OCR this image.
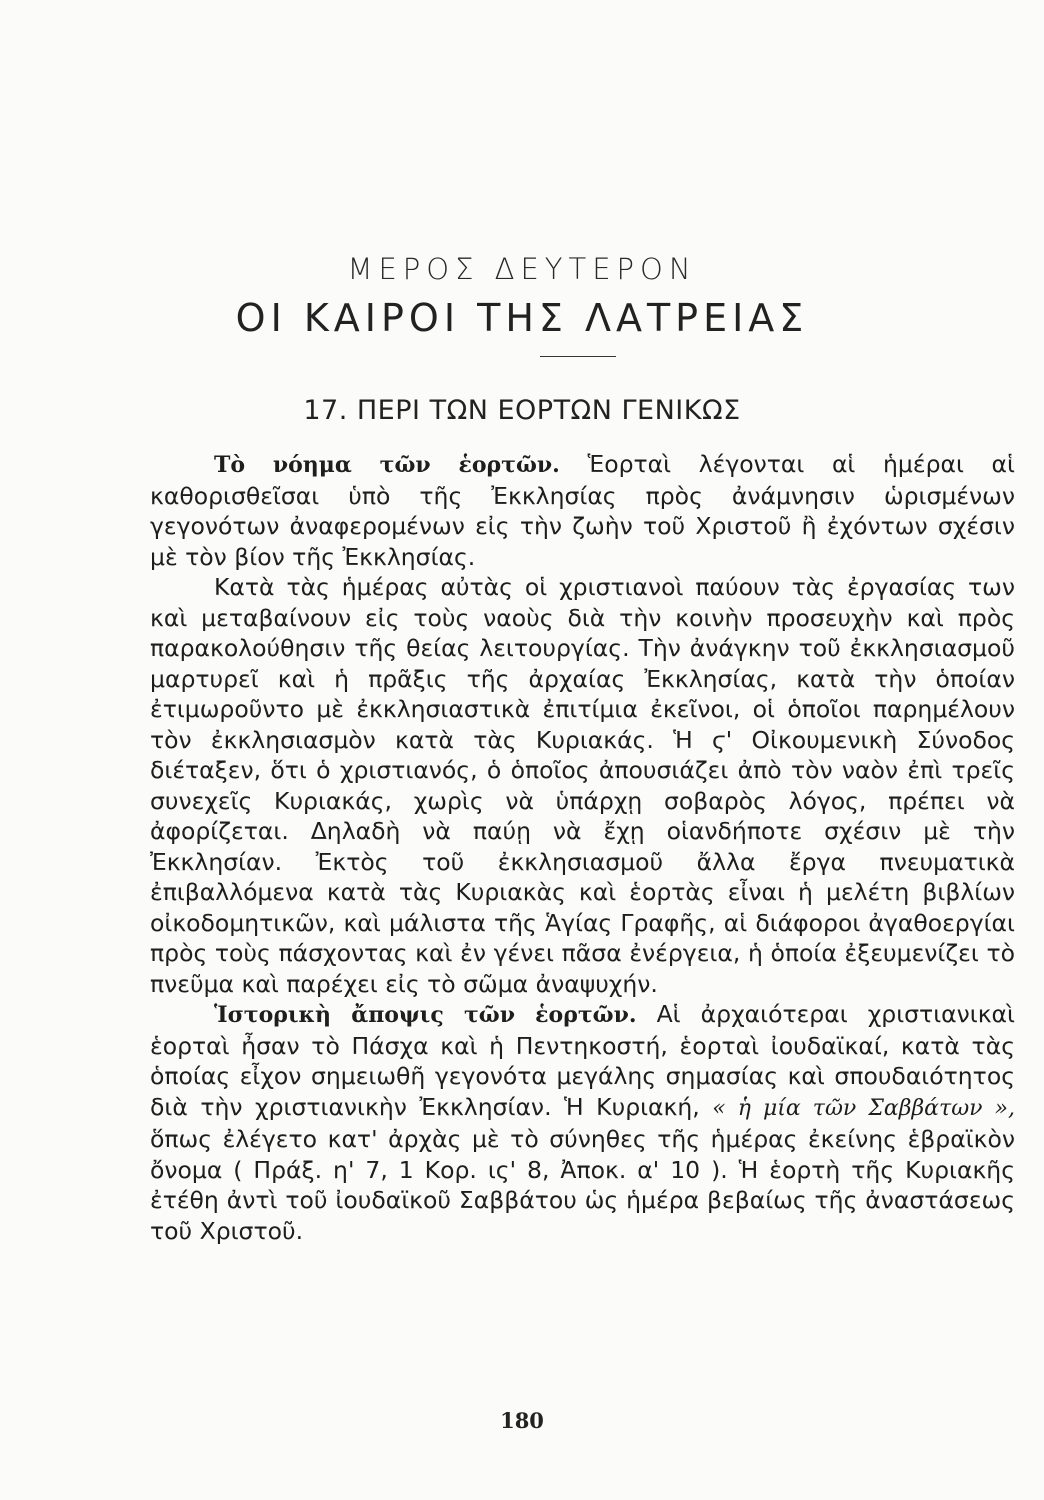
ΜΕΡΟΣ ΔΕΥΤΕΡΟΝ
ΟΙ ΚΑΙΡΟΙ ΤΗΣ ΛΑΤΡΕΙΑΣ
17. ΠΕΡΙ ΤΩΝ ΕΟΡΤΩΝ ΓΕΝΙΚΩΣ

Τὸ νόημα τῶν ἑορτῶν. Ἑορταὶ λέγονται αἱ ἡμέραι αἱ καθορισθεῖσαι ὑπὸ τῆς Ἐκκλησίας πρὸς ἀνάμνησιν ὡρισμένων γεγονότων ἀναφερομένων εἰς τὴν ζωὴν τοῦ Χριστοῦ ἢ ἐχόντων σχέσιν μὲ τὸν βίον τῆς Ἐκκλησίας.

Κατὰ τὰς ἡμέρας αὐτὰς οἱ χριστιανοὶ παύουν τὰς ἐργασίας των καὶ μεταβαίνουν εἰς τοὺς ναοὺς διὰ τὴν κοινὴν προσευχὴν καὶ πρὸς παρακολούθησιν τῆς θείας λειτουργίας. Τὴν ἀνάγκην τοῦ ἐκκλησιασμοῦ μαρτυρεῖ καὶ ἡ πρᾶξις τῆς ἀρχαίας Ἐκκλησίας, κατὰ τὴν ὁποίαν ἐτιμωροῦντο μὲ ἐκκλησιαστικὰ ἐπιτίμια ἐκεῖνοι, οἱ ὁποῖοι παρημέλουν τὸν ἐκκλησιασμὸν κατὰ τὰς Κυριακάς. Ἡ ϛ' Οἰκουμενικὴ Σύνοδος διέταξεν, ὅτι ὁ χριστιανός, ὁ ὁποῖος ἀπουσιάζει ἀπὸ τὸν ναὸν ἐπὶ τρεῖς συνεχεῖς Κυριακάς, χωρὶς νὰ ὑπάρχῃ σοβαρὸς λόγος, πρέπει νὰ ἀφορίζεται. Δηλαδὴ νὰ παύῃ νὰ ἔχῃ οἱανδήποτε σχέσιν μὲ τὴν Ἐκκλησίαν. Ἐκτὸς τοῦ ἐκκλησιασμοῦ ἄλλα ἔργα πνευματικὰ ἐπιβαλλόμενα κατὰ τὰς Κυριακὰς καὶ ἑορτὰς εἶναι ἡ μελέτη βιβλίων οἰκοδομητικῶν, καὶ μάλιστα τῆς Ἁγίας Γραφῆς, αἱ διάφοροι ἀγαθοεργίαι πρὸς τοὺς πάσχοντας καὶ ἐν γένει πᾶσα ἐνέργεια, ἡ ὁποία ἐξευμενίζει τὸ πνεῦμα καὶ παρέχει εἰς τὸ σῶμα ἀναψυχήν.

Ἱστορικὴ ἄποψις τῶν ἑορτῶν. Αἱ ἀρχαιότεραι χριστιανικαὶ ἑορταὶ ἦσαν τὸ Πάσχα καὶ ἡ Πεντηκοστή, ἑορταὶ ἰουδαϊκαί, κατὰ τὰς ὁποίας εἶχον σημειωθῆ γεγονότα μεγάλης σημασίας καὶ σπουδαιότητος διὰ τὴν χριστιανικὴν Ἐκκλησίαν. Ἡ Κυριακή, « ἡ μία τῶν Σαββάτων », ὅπως ἐλέγετο κατ' ἀρχὰς μὲ τὸ σύνηθες τῆς ἡμέρας ἐκείνης ἑβραϊκὸν ὄνομα ( Πράξ. η' 7, 1 Κορ. ις' 8, Ἀποκ. α' 10 ). Ἡ ἑορτὴ τῆς Κυριακῆς ἐτέθη ἀντὶ τοῦ ἰουδαϊκοῦ Σαββάτου ὡς ἡμέρα βεβαίως τῆς ἀναστάσεως τοῦ Χριστοῦ.

180
